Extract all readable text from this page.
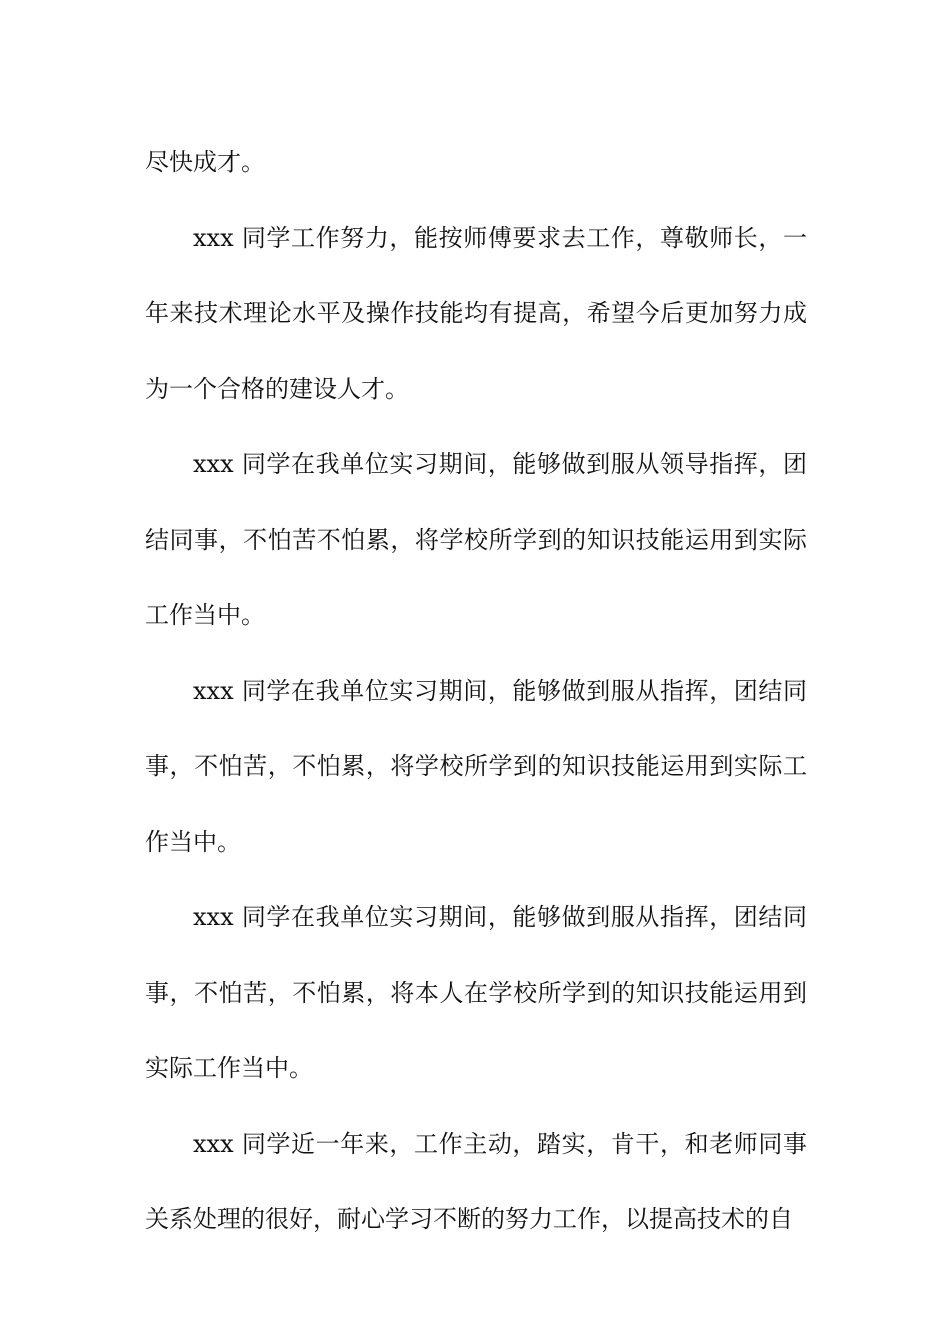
尽快成才。

xxx 同学工作努力，能按师傅要求去工作，尊敬师长，一年来技术理论水平及操作技能均有提高，希望今后更加努力成为一个合格的建设人才。

xxx 同学在我单位实习期间，能够做到服从领导指挥，团结同事，不怕苦不怕累，将学校所学到的知识技能运用到实际工作当中。

xxx 同学在我单位实习期间，能够做到服从指挥，团结同事，不怕苦，不怕累，将学校所学到的知识技能运用到实际工作当中。

xxx 同学在我单位实习期间，能够做到服从指挥，团结同事，不怕苦，不怕累，将本人在学校所学到的知识技能运用到实际工作当中。

xxx 同学近一年来，工作主动，踏实，肯干，和老师同事关系处理的很好，耐心学习不断的努力工作，以提高技术的自
